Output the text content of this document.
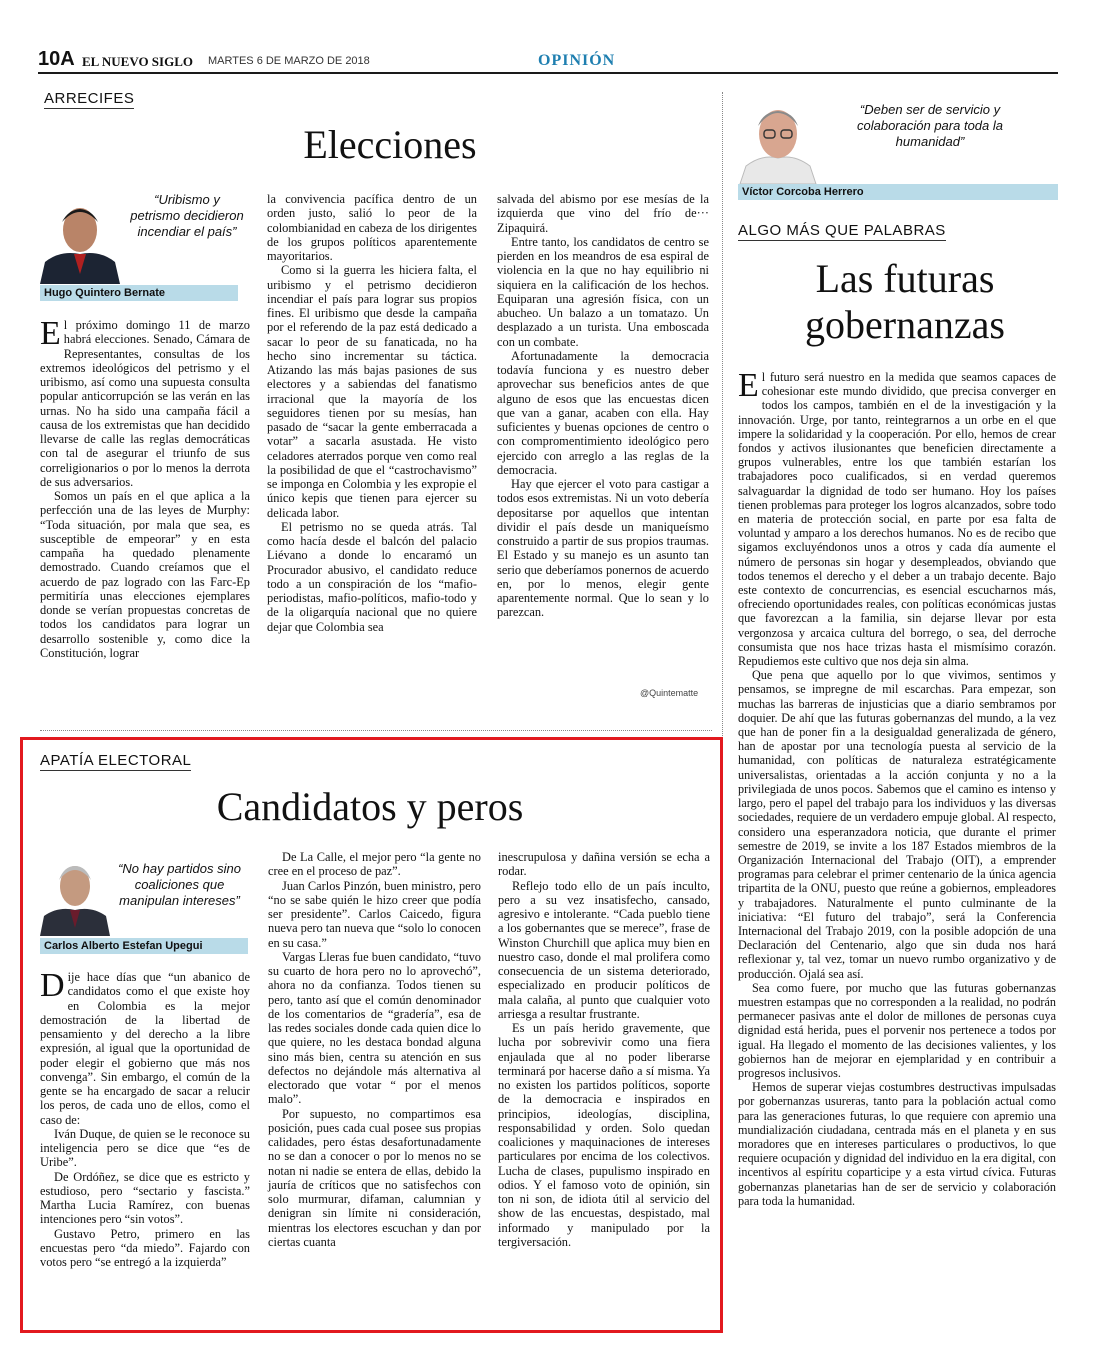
10A EL NUEVO SIGLO MARTES 6 DE MARZO DE 2018	OPINIÓN
ARRECIFES
Elecciones
“Uribismo y petrismo decidieron incendiar el país”
Hugo Quintero Bernate

El próximo domingo 11 de marzo habrá elecciones. Senado, Cámara de Representantes, consultas de los extremos ideológicos del petrismo y el uribismo, así como una supuesta consulta popular anticorrupción se las verán en las urnas. No ha sido una campaña fácil a causa de los extremistas que han decidido llevarse de calle las reglas democráticas con tal de asegurar el triunfo de sus correligionarios o por lo menos la derrota de sus adversarios.

Somos un país en el que aplica a la perfección una de las leyes de Murphy: “Toda situación, por mala que sea, es susceptible de empeorar” y en esta campaña ha quedado plenamente demostrado. Cuando creíamos que el acuerdo de paz logrado con las Farc-Ep permitiría unas elecciones ejemplares donde se verían propuestas concretas de todos los candidatos para lograr un desarrollo sostenible y, como dice la Constitución, lograr

la convivencia pacífica dentro de un orden justo, salió lo peor de la colombianidad en cabeza de los dirigentes de los grupos políticos aparentemente mayoritarios.

Como si la guerra les hiciera falta, el uribismo y el petrismo decidieron incendiar el país para lograr sus propios fines. El uribismo que desde la campaña por el referendo de la paz está dedicado a sacar lo peor de su fanaticada, no ha hecho sino incrementar su táctica. Atizando las más bajas pasiones de sus electores y a sabiendas del fanatismo irracional que la mayoría de los seguidores tienen por su mesías, han pasado de “sacar la gente emberracada a votar” a sacarla asustada. He visto celadores aterrados porque ven como real la posibilidad de que el “castrochavismo” se imponga en Colombia y les expropie el único kepis que tienen para ejercer su delicada labor.

El petrismo no se queda atrás. Tal como hacía desde el balcón del palacio Liévano a donde lo encaramó un Procurador abusivo, el candidato reduce todo a un conspiración de los “mafio-periodistas, mafio-políticos, mafio-todo y de la oligarquía nacional que no quiere dejar que Colombia sea

salvada del abismo por ese mesías de la izquierda que vino del frío de··· Zipaquirá.

Entre tanto, los candidatos de centro se pierden en los meandros de esa espiral de violencia en la que no hay equilibrio ni siquiera en la calificación de los hechos. Equiparan una agresión física, con un abucheo. Un balazo a un tomatazo. Un desplazado a un turista. Una emboscada con un combate.

Afortunadamente la democracia todavía funciona y es nuestro deber aprovechar sus beneficios antes de que alguno de esos que las encuestas dicen que van a ganar, acaben con ella. Hay suficientes y buenas opciones de centro o con compromentimiento ideológico pero ejercido con arreglo a las reglas de la democracia.

Hay que ejercer el voto para castigar a todos esos extremistas. Ni un voto debería depositarse por aquellos que intentan dividir el país desde un maniqueísmo construido a partir de sus propios traumas. El Estado y su manejo es un asunto tan serio que deberíamos ponernos de acuerdo en, por lo menos, elegir gente aparentemente normal. Que lo sean y lo parezcan.

@Quintematte
APATÍA ELECTORAL
Candidatos y peros
“No hay partidos sino coaliciones que manipulan intereses”
Carlos Alberto Estefan Upegui

Dije hace días que “un abanico de candidatos como el que existe hoy en Colombia es la mejor demostración de la libertad de pensamiento y del derecho a la libre expresión, al igual que la oportunidad de poder elegir el gobierno que más nos convenga”. Sin embargo, el común de la gente se ha encargado de sacar a relucir los peros, de cada uno de ellos, como el caso de:

Iván Duque, de quien se le reconoce su inteligencia pero se dice que “es de Uribe”.

De Ordóñez, se dice que es estricto y estudioso, pero “sectario y fascista.” Martha Lucia Ramírez, con buenas intenciones pero “sin votos”.

Gustavo Petro, primero en las encuestas pero “da miedo”. Fajardo con votos pero “se entregó a la izquierda”

De La Calle, el mejor pero “la gente no cree en el proceso de paz”.

Juan Carlos Pinzón, buen ministro, pero “no se sabe quién le hizo creer que podía ser presidente”. Carlos Caicedo, figura nueva pero tan nueva que “solo lo conocen en su casa.”

Vargas Lleras fue buen candidato, “tuvo su cuarto de hora pero no lo aprovechó”, ahora no da confianza. Todos tienen su pero, tanto así que el común denominador de los comentarios de “gradería”, esa de las redes sociales donde cada quien dice lo que quiere, no les destaca bondad alguna sino más bien, centra su atención en sus defectos no dejándole más alternativa al electorado que votar “ por el menos malo”.

Por supuesto, no compartimos esa posición, pues cada cual posee sus propias calidades, pero éstas desafortunadamente no se dan a conocer o por lo menos no se notan ni nadie se entera de ellas, debido la jauría de críticos que no satisfechos con solo murmurar, difaman, calumnian y denigran sin límite ni consideración, mientras los electores escuchan y dan por ciertas cuanta

inescrupulosa y dañina versión se echa a rodar.

Reflejo todo ello de un país inculto, pero a su vez insatisfecho, cansado, agresivo e intolerante. “Cada pueblo tiene a los gobernantes que se merece”, frase de Winston Churchill que aplica muy bien en nuestro caso, donde el mal prolifera como consecuencia de un sistema deteriorado, especializado en producir políticos de mala calaña, al punto que cualquier voto arriesga a resultar frustrante.

Es un país herido gravemente, que lucha por sobrevivir como una fiera enjaulada que al no poder liberarse terminará por hacerse daño a sí misma. Ya no existen los partidos políticos, soporte de la democracia e inspirados en principios, ideologías, disciplina, responsabilidad y orden. Solo quedan coaliciones y maquinaciones de intereses particulares por encima de los colectivos. Lucha de clases, pupulismo inspirado en odios. Y el famoso voto de opinión, sin ton ni son, de idiota útil al servicio del show de las encuestas, despistado, mal informado y manipulado por la tergiversación.

“Deben ser de servicio y colaboración para toda la humanidad”
Víctor Corcoba Herrero
ALGO MÁS QUE PALABRAS
Las futuras gobernanzas

El futuro será nuestro en la medida que seamos capaces de cohesionar este mundo dividido, que precisa converger en todos los campos, también en el de la investigación y la innovación. Urge, por tanto, reintegrarnos a un orbe en el que impere la solidaridad y la cooperación. Por ello, hemos de crear fondos y activos ilusionantes que beneficien directamente a grupos vulnerables, entre los que también estarían los trabajadores poco cualificados, si en verdad queremos salvaguardar la dignidad de todo ser humano. Hoy los países tienen problemas para proteger los logros alcanzados, sobre todo en materia de protección social, en parte por esa falta de voluntad y amparo a los derechos humanos. No es de recibo que sigamos excluyéndonos unos a otros y cada día aumente el número de personas sin hogar y desempleados, obviando que todos tenemos el derecho y el deber a un trabajo decente. Bajo este contexto de concurrencias, es esencial escucharnos más, ofreciendo oportunidades reales, con políticas económicas justas que favorezcan a la familia, sin dejarse llevar por esta vergonzosa y arcaica cultura del borrego, o sea, del derroche consumista que nos hace trizas hasta el mismísimo corazón. Repudiemos este cultivo que nos deja sin alma.

Que pena que aquello por lo que vivimos, sentimos y pensamos, se impregne de mil escarchas. Para empezar, son muchas las barreras de injusticias que a diario sembramos por doquier. De ahí que las futuras gobernanzas del mundo, a la vez que han de poner fin a la desigualdad generalizada de género, han de apostar por una tecnología puesta al servicio de la humanidad, con políticas de naturaleza estratégicamente universalistas, orientadas a la acción conjunta y no a la privilegiada de unos pocos. Sabemos que el camino es intenso y largo, pero el papel del trabajo para los individuos y las diversas sociedades, requiere de un verdadero empuje global. Al respecto, considero una esperanzadora noticia, que durante el primer semestre de 2019, se invite a los 187 Estados miembros de la Organización Internacional del Trabajo (OIT), a emprender programas para celebrar el primer centenario de la única agencia tripartita de la ONU, puesto que reúne a gobiernos, empleadores y trabajadores. Naturalmente el punto culminante de la iniciativa: “El futuro del trabajo”, será la Conferencia Internacional del Trabajo 2019, con la posible adopción de una Declaración del Centenario, algo que sin duda nos hará reflexionar y, tal vez, tomar un nuevo rumbo organizativo y de producción. Ojalá sea así.

Sea como fuere, por mucho que las futuras gobernanzas muestren estampas que no corresponden a la realidad, no podrán permanecer pasivas ante el dolor de millones de personas cuya dignidad está herida, pues el porvenir nos pertenece a todos por igual. Ha llegado el momento de las decisiones valientes, y los gobiernos han de mejorar en ejemplaridad y en contribuir a progresos inclusivos.

Hemos de superar viejas costumbres destructivas impulsadas por gobernanzas usureras, tanto para la población actual como para las generaciones futuras, lo que requiere con apremio una mundialización ciudadana, centrada más en el planeta y en sus moradores que en intereses particulares o productivos, lo que requiere ocupación y dignidad del individuo en la era digital, con incentivos al espíritu coparticipe y a esta virtud cívica. Futuras gobernanzas planetarias han de ser de servicio y colaboración para toda la humanidad.
